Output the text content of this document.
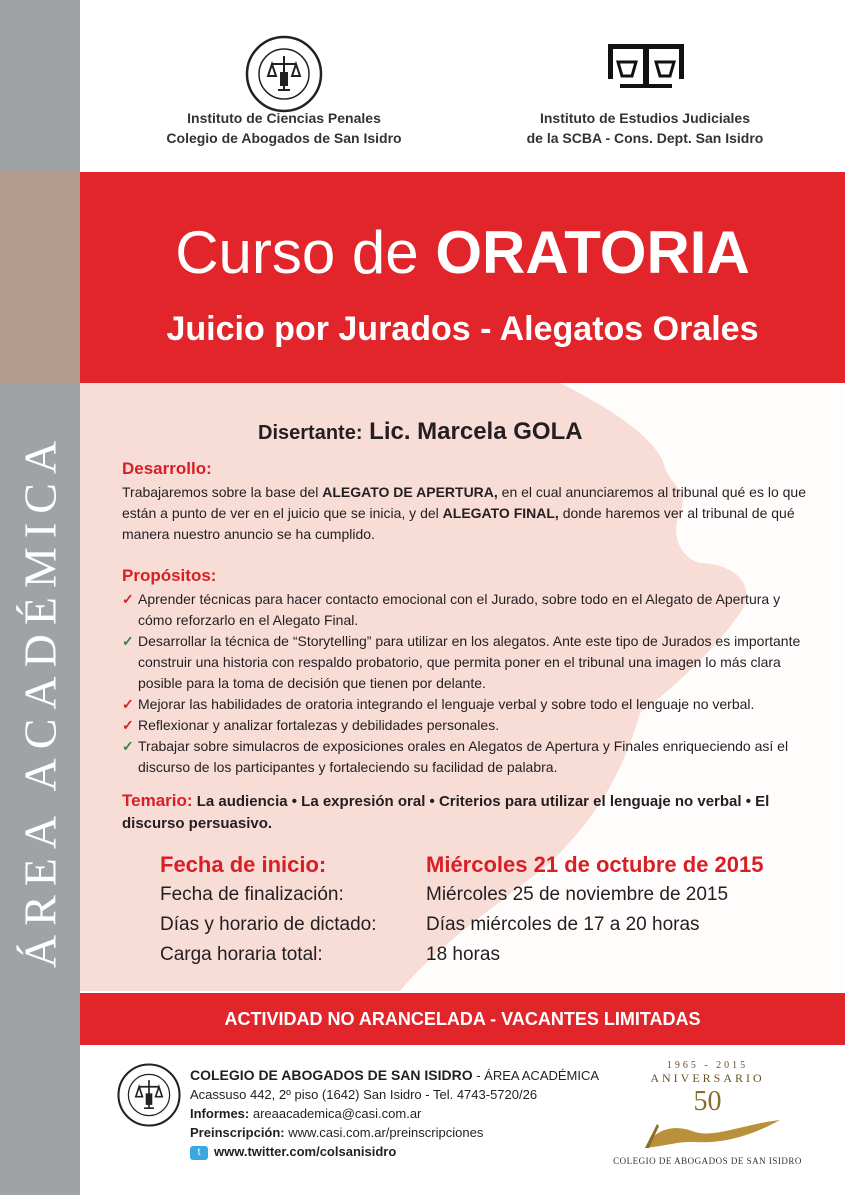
ÁREA ACADÉMICA
Instituto de Ciencias Penales
Colegio de Abogados de San Isidro
Instituto de Estudios Judiciales
de la SCBA - Cons. Dept. San Isidro
Curso de ORATORIA
Juicio por Jurados - Alegatos Orales
Disertante: Lic. Marcela GOLA
Desarrollo:
Trabajaremos sobre la base del ALEGATO DE APERTURA, en el cual anunciaremos al tribunal qué es lo que están a punto de ver en el juicio que se inicia, y del ALEGATO FINAL, donde haremos ver al tribunal de qué manera nuestro anuncio se ha cumplido.
Propósitos:
✓ Aprender técnicas para hacer contacto emocional con el Jurado, sobre todo en el Alegato de Apertura y cómo reforzarlo en el Alegato Final.
✓ Desarrollar la técnica de “Storytelling” para utilizar en los alegatos. Ante este tipo de Jurados es importante construir una historia con respaldo probatorio, que permita poner en el tribunal una imagen lo más clara posible para la toma de decisión que tienen por delante.
✓ Mejorar las habilidades de oratoria integrando el lenguaje verbal y sobre todo el lenguaje no verbal.
✓ Reflexionar y analizar fortalezas y debilidades personales.
✓ Trabajar sobre simulacros de exposiciones orales en Alegatos de Apertura y Finales enriqueciendo así el discurso de los participantes y fortaleciendo su facilidad de palabra.
Temario: La audiencia • La expresión oral • Criterios para utilizar el lenguaje no verbal • El discurso persuasivo.
Fecha de inicio:	Miércoles 21 de octubre de 2015
Fecha de finalización:	Miércoles 25 de noviembre de 2015
Días y horario de dictado:	Días miércoles de 17 a 20 horas
Carga horaria total:	18 horas
ACTIVIDAD NO ARANCELADA - VACANTES LIMITADAS
COLEGIO DE ABOGADOS DE SAN ISIDRO - ÁREA ACADÉMICA
Acassuso 442, 2º piso (1642) San Isidro - Tel. 4743-5720/26
Informes: areaacademica@casi.com.ar
Preinscripción: www.casi.com.ar/preinscripciones
t www.twitter.com/colsanisidro
1965 - 2015
ANIVERSARIO
50
COLEGIO DE ABOGADOS DE SAN ISIDRO
